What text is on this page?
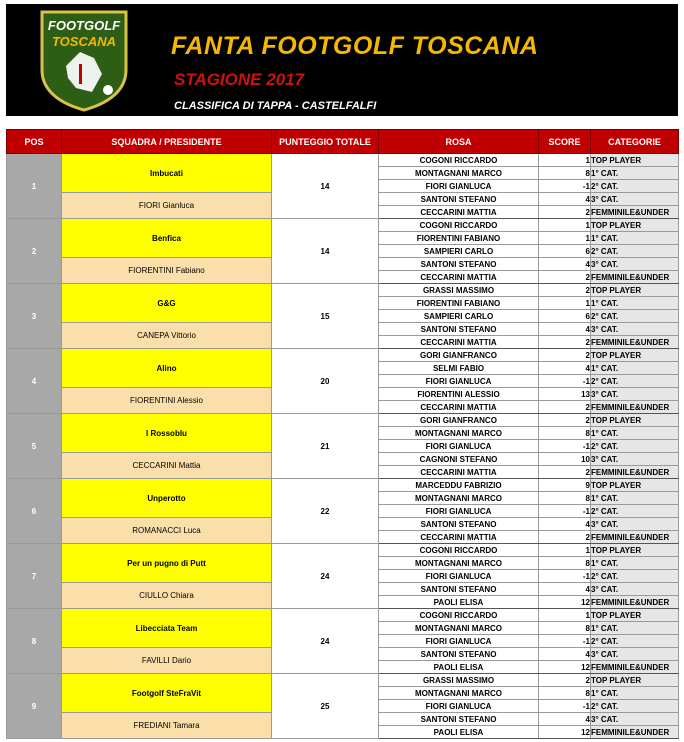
FOOTGOLF
TOSCANA FANTA FOOTGOLF TOSCANA
STAGIONE 2017
CLASSIFICA DI TAPPA - CASTELFALFI
POS	SQUADRA / PRESIDENTE	PUNTEGGIO TOTALE	ROSA	SCORE	CATEGORIE
1	Imbucati	14	COGONI RICCARDO	1	TOP PLAYER
			MONTAGNANI MARCO	8	1° CAT.
			FIORI GIANLUCA	-1	2° CAT.
	FIORI Gianluca		SANTONI STEFANO	4	3° CAT.
			CECCARINI MATTIA	2	FEMMINILE&UNDER
2	Benfica	14	COGONI RICCARDO	1	TOP PLAYER
			FIORENTINI FABIANO	1	1° CAT.
			SAMPIERI CARLO	6	2° CAT.
	FIORENTINI Fabiano		SANTONI STEFANO	4	3° CAT.
			CECCARINI MATTIA	2	FEMMINILE&UNDER
3	G&G	15	GRASSI MASSIMO	2	TOP PLAYER
			FIORENTINI FABIANO	1	1° CAT.
			SAMPIERI CARLO	6	2° CAT.
	CANEPA Vittorio		SANTONI STEFANO	4	3° CAT.
			CECCARINI MATTIA	2	FEMMINILE&UNDER
4	Alino	20	GORI GIANFRANCO	2	TOP PLAYER
			SELMI FABIO	4	1° CAT.
			FIORI GIANLUCA	-1	2° CAT.
	FIORENTINI Alessio		FIORENTINI ALESSIO	13	3° CAT.
			CECCARINI MATTIA	2	FEMMINILE&UNDER
5	I Rossoblu	21	GORI GIANFRANCO	2	TOP PLAYER
			MONTAGNANI MARCO	8	1° CAT.
			FIORI GIANLUCA	-1	2° CAT.
	CECCARINI Mattia		CAGNONI STEFANO	10	3° CAT.
			CECCARINI MATTIA	2	FEMMINILE&UNDER
6	Unperotto	22	MARCEDDU FABRIZIO	9	TOP PLAYER
			MONTAGNANI MARCO	8	1° CAT.
			FIORI GIANLUCA	-1	2° CAT.
	ROMANACCI Luca		SANTONI STEFANO	4	3° CAT.
			CECCARINI MATTIA	2	FEMMINILE&UNDER
7	Per un pugno di Putt	24	COGONI RICCARDO	1	TOP PLAYER
			MONTAGNANI MARCO	8	1° CAT.
			FIORI GIANLUCA	-1	2° CAT.
	CIULLO Chiara		SANTONI STEFANO	4	3° CAT.
			PAOLI ELISA	12	FEMMINILE&UNDER
8	Libecciata Team	24	COGONI RICCARDO	1	TOP PLAYER
			MONTAGNANI MARCO	8	1° CAT.
			FIORI GIANLUCA	-1	2° CAT.
	FAVILLI Dario		SANTONI STEFANO	4	3° CAT.
			PAOLI ELISA	12	FEMMINILE&UNDER
9	Footgolf SteFraVit	25	GRASSI MASSIMO	2	TOP PLAYER
			MONTAGNANI MARCO	8	1° CAT.
			FIORI GIANLUCA	-1	2° CAT.
	FREDIANI Tamara		SANTONI STEFANO	4	3° CAT.
			PAOLI ELISA	12	FEMMINILE&UNDER
